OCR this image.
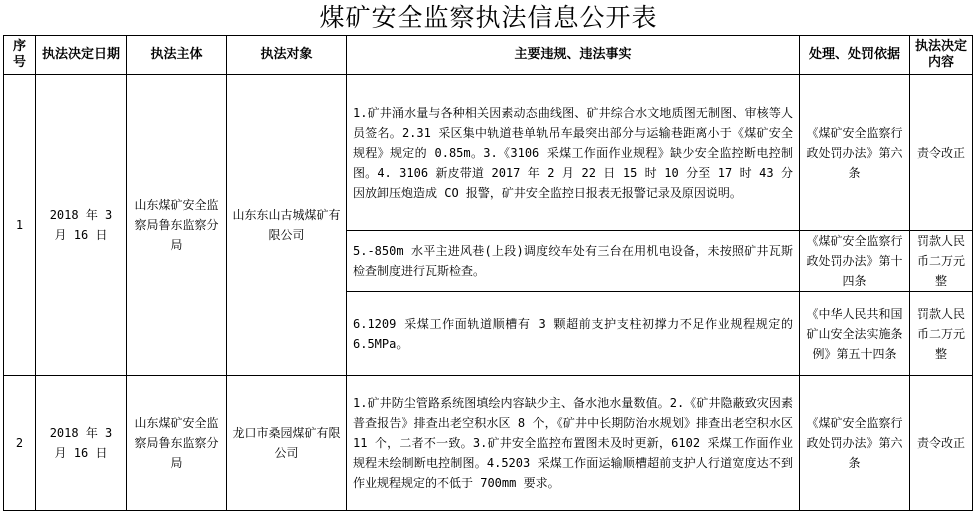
煤矿安全监察执法信息公开表
序号	执法决定日期	执法主体	执法对象	主要违规、违法事实	处理、处罚依据	执法决定内容
1	2018 年 3 月 16 日	山东煤矿安全监察局鲁东监察分局	山东东山古城煤矿有限公司	1.矿井涌水量与各种相关因素动态曲线图、矿井综合水文地质图无制图、审核等人员签名。2.31 采区集中轨道巷单轨吊车最突出部分与运输巷距离小于《煤矿安全规程》规定的 0.85m。3.《3106 采煤工作面作业规程》缺少安全监控断电控制图。4. 3106 新皮带道 2017 年 2 月 22 日 15 时 10 分至 17 时 43 分因放卸压炮造成 CO 报警，矿井安全监控日报表无报警记录及原因说明。	《煤矿安全监察行政处罚办法》第六条	责令改正
				5.-850m 水平主进风巷(上段)调度绞车处有三台在用机电设备，未按照矿井瓦斯检查制度进行瓦斯检查。	《煤矿安全监察行政处罚办法》第十四条	罚款人民币二万元整
				6.1209 采煤工作面轨道顺槽有 3 颗超前支护支柱初撑力不足作业规程规定的 6.5MPa。	《中华人民共和国矿山安全法实施条例》第五十四条	罚款人民币二万元整
2	2018 年 3 月 16 日	山东煤矿安全监察局鲁东监察分局	龙口市桑园煤矿有限公司	1.矿井防尘管路系统图填绘内容缺少主、备水池水量数值。2.《矿井隐蔽致灾因素普查报告》排查出老空积水区 8 个，《矿井中长期防治水规划》排查出老空积水区 11 个，二者不一致。3.矿井安全监控布置图未及时更新，6102 采煤工作面作业规程未绘制断电控制图。4.5203 采煤工作面运输顺槽超前支护人行道宽度达不到作业规程规定的不低于 700mm 要求。	《煤矿安全监察行政处罚办法》第六条	责令改正
